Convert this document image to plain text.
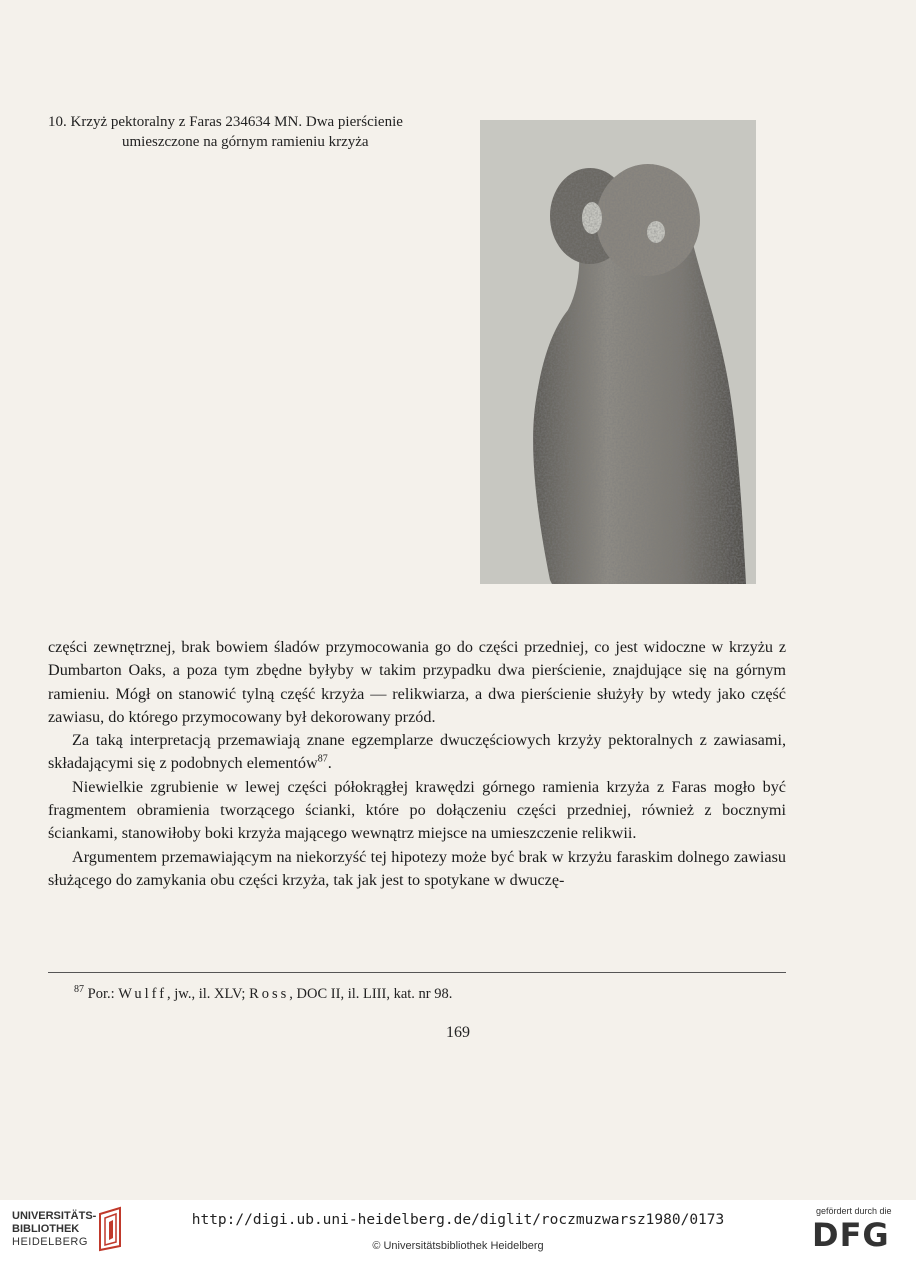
10. Krzyż pektoralny z Faras 234634 MN. Dwa pierścienie
umieszczone na górnym ramieniu krzyża

części zewnętrznej, brak bowiem śladów przymocowania go do części przedniej, co jest widoczne w krzyżu z Dumbarton Oaks, a poza tym zbędne byłyby w takim przypadku dwa pierścienie, znajdujące się na górnym ramieniu. Mógł on stanowić tylną część krzyża — relikwiarza, a dwa pierścienie służyły by wtedy jako część zawiasu, do którego przymocowany był dekorowany przód.

Za taką interpretacją przemawiają znane egzemplarze dwuczęściowych krzyży pektoralnych z zawiasami, składającymi się z podobnych elementów$^{87}$.

Niewielkie zgrubienie w lewej części półokrągłej krawędzi górnego ramienia krzyża z Faras mogło być fragmentem obramienia tworzącego ścianki, które po dołączeniu części przedniej, również z bocznymi ściankami, stanowiłoby boki krzyża mającego wewnątrz miejsce na umieszczenie relikwii.

Argumentem przemawiającym na niekorzyść tej hipotezy może być brak w krzyżu faraskim dolnego zawiasu służącego do zamykania obu części krzyża, tak jak jest to spotykane w dwuczę-

$^{87}$ Por.: Wulff, jw., il. XLV; Ross, DOC II, il. LIII, kat. nr 98.
169
UNIVERSITÄTS-
BIBLIOTHEK
HEIDELBERG
http://digi.ub.uni-heidelberg.de/diglit/roczmuzwarsz1980/0173
© Universitätsbibliothek Heidelberg
gefördert durch die
DFG
